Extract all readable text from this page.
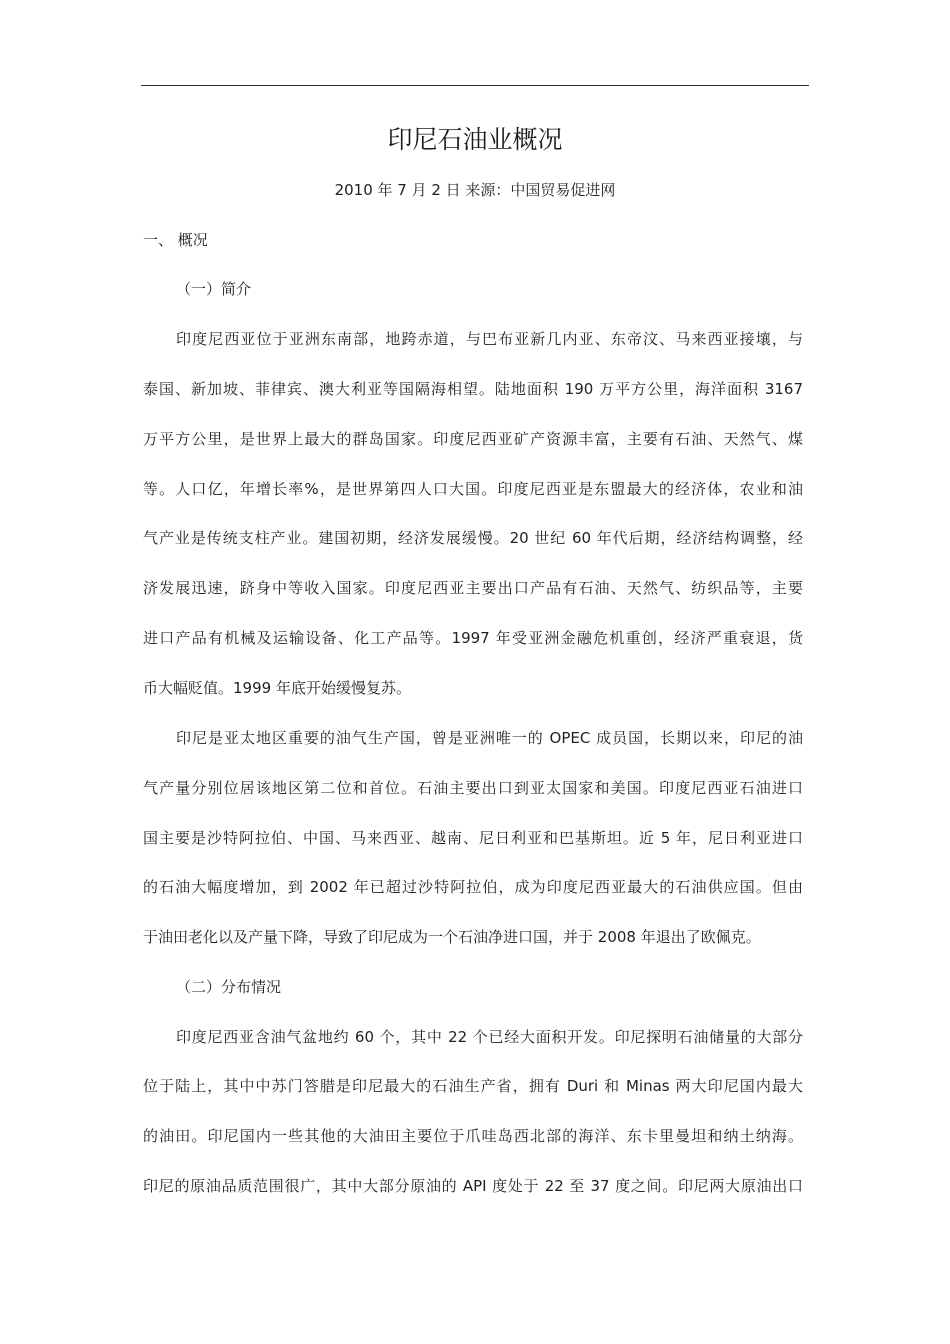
印尼石油业概况
2010 年 7 月 2 日 来源：中国贸易促进网
一、 概况
（一）简介
印度尼西亚位于亚洲东南部，地跨赤道，与巴布亚新几内亚、东帝汶、马来西亚接壤，与
泰国、新加坡、菲律宾、澳大利亚等国隔海相望。陆地面积 190 万平方公里，海洋面积 3167
万平方公里，是世界上最大的群岛国家。印度尼西亚矿产资源丰富，主要有石油、天然气、煤
等。人口亿，年增长率%，是世界第四人口大国。印度尼西亚是东盟最大的经济体，农业和油
气产业是传统支柱产业。建国初期，经济发展缓慢。20 世纪 60 年代后期，经济结构调整，经
济发展迅速，跻身中等收入国家。印度尼西亚主要出口产品有石油、天然气、纺织品等，主要
进口产品有机械及运输设备、化工产品等。1997 年受亚洲金融危机重创，经济严重衰退，货
币大幅贬值。1999 年底开始缓慢复苏。
印尼是亚太地区重要的油气生产国，曾是亚洲唯一的 OPEC 成员国，长期以来，印尼的油
气产量分别位居该地区第二位和首位。石油主要出口到亚太国家和美国。印度尼西亚石油进口
国主要是沙特阿拉伯、中国、马来西亚、越南、尼日利亚和巴基斯坦。近 5 年，尼日利亚进口
的石油大幅度增加，到 2002 年已超过沙特阿拉伯，成为印度尼西亚最大的石油供应国。但由
于油田老化以及产量下降，导致了印尼成为一个石油净进口国，并于 2008 年退出了欧佩克。
（二）分布情况
印度尼西亚含油气盆地约 60 个，其中 22 个已经大面积开发。印尼探明石油储量的大部分
位于陆上，其中中苏门答腊是印尼最大的石油生产省，拥有 Duri 和 Minas 两大印尼国内最大
的油田。印尼国内一些其他的大油田主要位于爪哇岛西北部的海洋、东卡里曼坦和纳土纳海。
印尼的原油品质范围很广，其中大部分原油的 API 度处于 22 至 37 度之间。印尼两大原油出口
